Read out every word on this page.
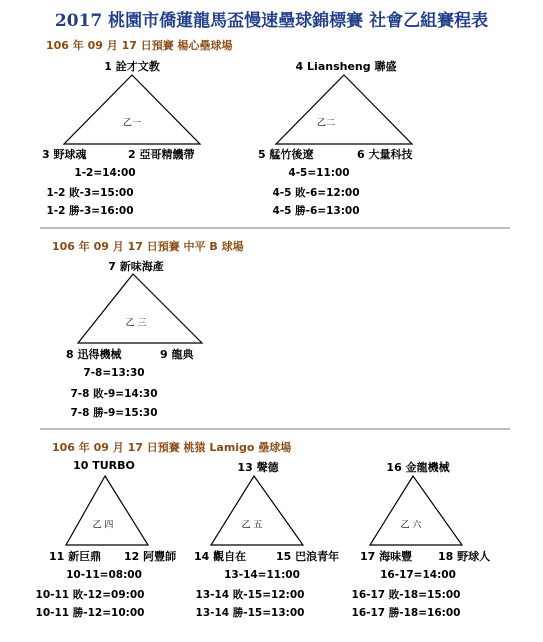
2017 桃園市僑蓮龍馬盃慢速壘球錦標賽 社會乙組賽程表
106 年 09 月 17 日預賽 楊心壘球場
1 詮才文教
乙一
3 野球魂	2 亞哥精饑帶
1-2=14:00
1-2 敗-3=15:00
1-2 勝-3=16:00
4 Liansheng 聯盛
乙二
5 艋竹後遼	6 大量科技
4-5=11:00
4-5 敗-6=12:00
4-5 勝-6=13:00
106 年 09 月 17 日預賽 中平 B 球場
7 新味海產
乙 三
8 迅得機械	9 龍典
7-8=13:30
7-8 敗-9=14:30
7-8 勝-9=15:30
106 年 09 月 17 日預賽 桃猿 Lamigo 壘球場
10 TURBO
乙 四
11 新巨鼎 12 阿豐師
10-11=08:00
10-11 敗-12=09:00
10-11 勝-12=10:00
13 聲德
乙 五
14 觀自在	15 巴浪青年
13-14=11:00
13-14 敗-15=12:00
13-14 勝-15=13:00
16 金龍機械
乙 六
17 海味豐 18 野球人
16-17=14:00
16-17 敗-18=15:00
16-17 勝-18=16:00
